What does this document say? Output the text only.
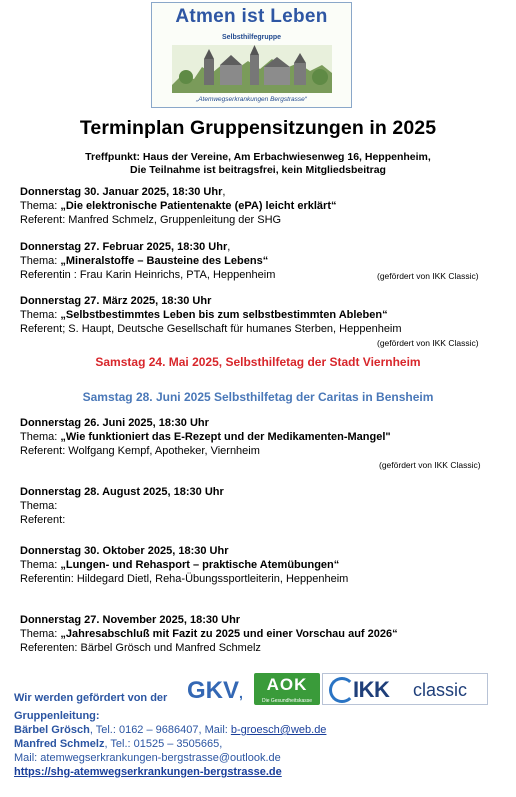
Atmen ist Leben
Selbsthilfegruppe
„Atemwegserkrankungen Bergstrasse“
Terminplan Gruppensitzungen in 2025
Treffpunkt: Haus der Vereine, Am Erbachwiesenweg 16, Heppenheim,
Die Teilnahme ist beitragsfrei, kein Mitgliedsbeitrag
Donnerstag 30. Januar 2025, 18:30 Uhr,
Thema: „Die elektronische Patientenakte (ePA) leicht erklärt“
Referent: Manfred Schmelz, Gruppenleitung der SHG
Donnerstag 27. Februar 2025, 18:30 Uhr,
Thema: „Mineralstoffe – Bausteine des Lebens“
Referentin : Frau Karin Heinrichs, PTA, Heppenheim	(gefördert von IKK Classic)
Donnerstag 27. März 2025, 18:30 Uhr
Thema: „Selbstbestimmtes Leben bis zum selbstbestimmten Ableben“
Referent; S. Haupt, Deutsche Gesellschaft für humanes Sterben, Heppenheim
(gefördert von IKK Classic)
Samstag 24. Mai 2025, Selbsthilfetag der Stadt Viernheim
Samstag 28. Juni 2025 Selbsthilfetag der Caritas in Bensheim
Donnerstag 26. Juni 2025, 18:30 Uhr
Thema: „Wie funktioniert das E-Rezept und der Medikamenten-Mangel"
Referent: Wolfgang Kempf, Apotheker, Viernheim
(gefördert von IKK Classic)
Donnerstag 28. August 2025, 18:30 Uhr
Thema:
Referent:
Donnerstag 30. Oktober 2025, 18:30 Uhr
Thema: „Lungen- und Rehasport – praktische Atemübungen“
Referentin: Hildegard Dietl, Reha-Übungssportleiterin, Heppenheim
Donnerstag 27. November 2025, 18:30 Uhr
Thema: „Jahresabschluß mit Fazit zu 2025 und einer Vorschau auf 2026“
Referenten: Bärbel Grösch und Manfred Schmelz
Wir werden gefördert von der GKV,	AOK
Die Gesundheitskasse	IKK classic
Gruppenleitung:
Bärbel Grösch, Tel.: 0162 – 9686407, Mail: b-groesch@web.de
Manfred Schmelz, Tel.: 01525 – 3505665,
Mail: atemwegserkrankungen-bergstrasse@outlook.de
https://shg-atemwegserkrankungen-bergstrasse.de
